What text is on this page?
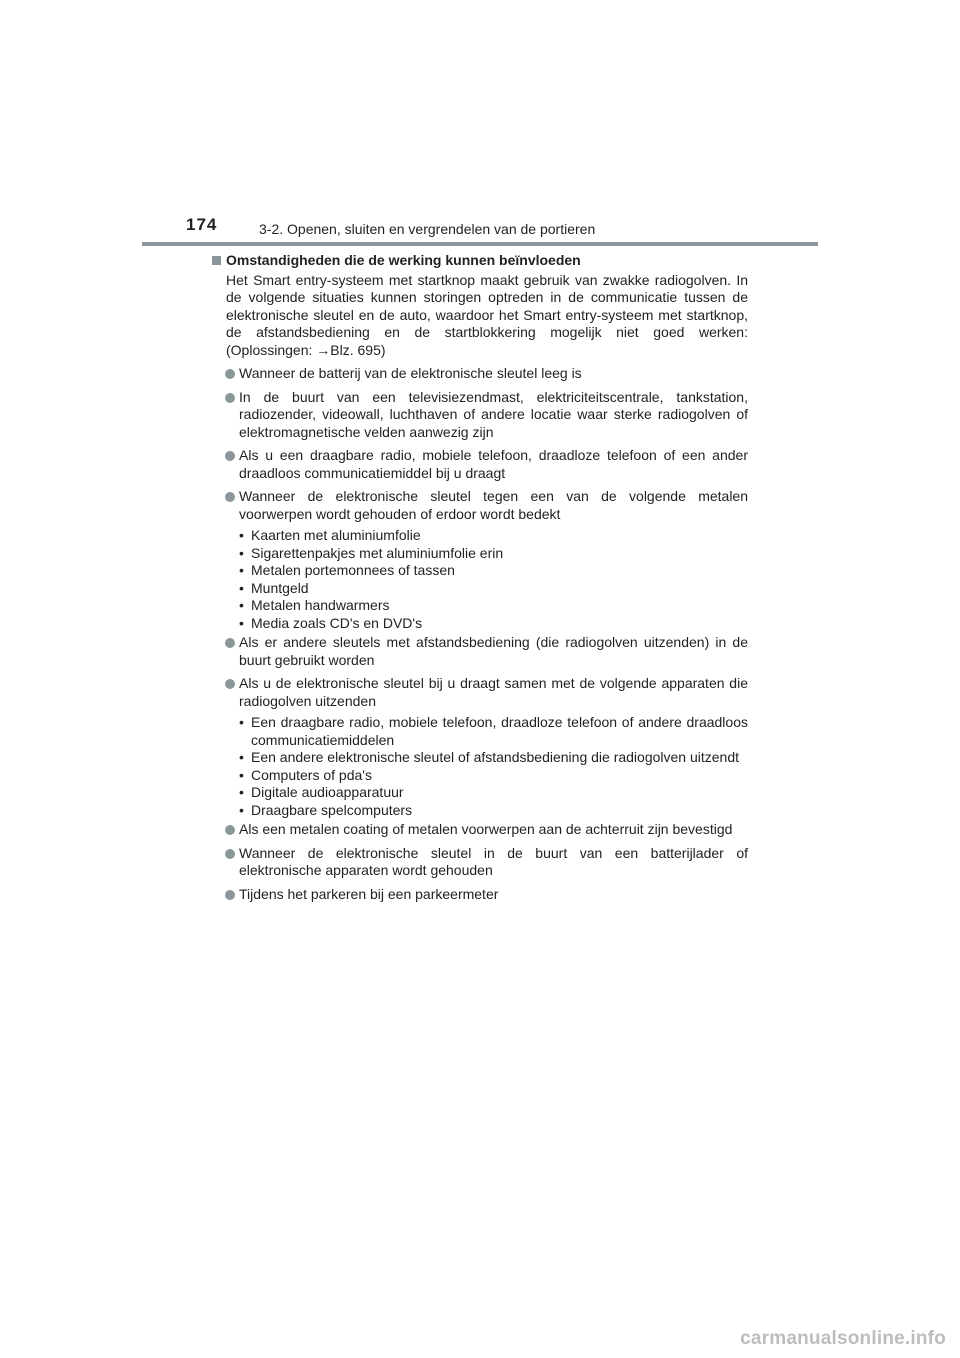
174	3-2. Openen, sluiten en vergrendelen van de portieren
Omstandigheden die de werking kunnen beïnvloeden

Het Smart entry-systeem met startknop maakt gebruik van zwakke radiogolven. In de volgende situaties kunnen storingen optreden in de communicatie tussen de elektronische sleutel en de auto, waardoor het Smart entry-systeem met startknop, de afstandsbediening en de startblokkering mogelijk niet goed werken: (Oplossingen: →Blz. 695)

Wanneer de batterij van de elektronische sleutel leeg is
In de buurt van een televisiezendmast, elektriciteitscentrale, tankstation, radiozender, videowall, luchthaven of andere locatie waar sterke radiogolven of elektromagnetische velden aanwezig zijn
Als u een draagbare radio, mobiele telefoon, draadloze telefoon of een ander draadloos communicatiemiddel bij u draagt
Wanneer de elektronische sleutel tegen een van de volgende metalen voorwerpen wordt gehouden of erdoor wordt bedekt
• Kaarten met aluminiumfolie
• Sigarettenpakjes met aluminiumfolie erin
• Metalen portemonnees of tassen
• Muntgeld
• Metalen handwarmers
• Media zoals CD's en DVD's
Als er andere sleutels met afstandsbediening (die radiogolven uitzenden) in de buurt gebruikt worden
Als u de elektronische sleutel bij u draagt samen met de volgende apparaten die radiogolven uitzenden
• Een draagbare radio, mobiele telefoon, draadloze telefoon of andere draadloos communicatiemiddelen
• Een andere elektronische sleutel of afstandsbediening die radiogolven uitzendt
• Computers of pda's
• Digitale audioapparatuur
• Draagbare spelcomputers
Als een metalen coating of metalen voorwerpen aan de achterruit zijn bevestigd
Wanneer de elektronische sleutel in de buurt van een batterijlader of elektronische apparaten wordt gehouden
Tijdens het parkeren bij een parkeermeter
carmanualsonline.info
